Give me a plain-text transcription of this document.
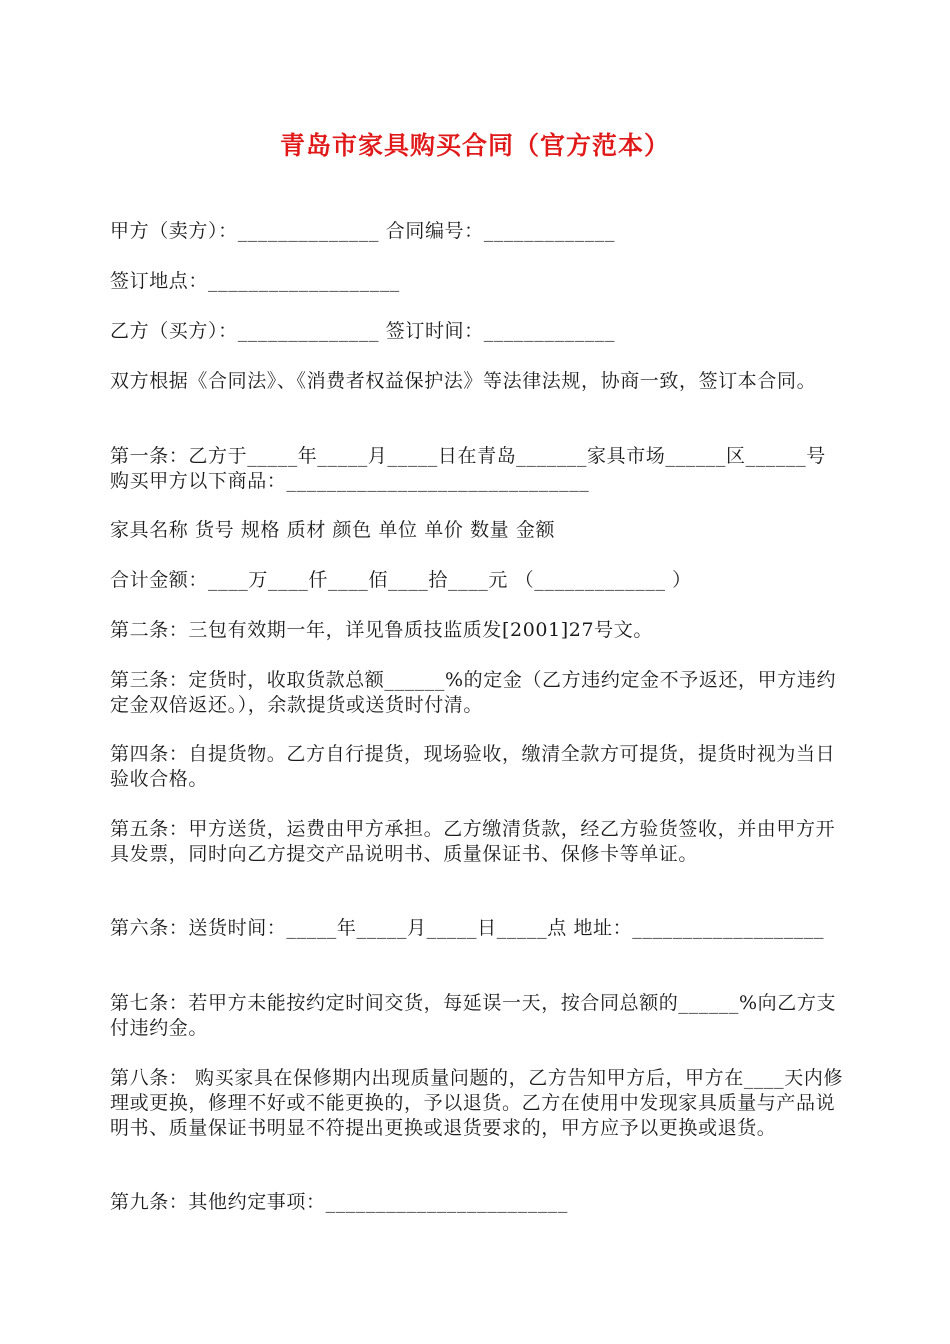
青岛市家具购买合同（官方范本）
甲方（卖方）：______________ 合同编号：_____________
签订地点：___________________
乙方（买方）：______________ 签订时间：_____________
双方根据《合同法》、《消费者权益保护法》等法律法规，协商一致，签订本合同。
第一条：乙方于_____年_____月_____日在青岛_______家具市场______区______号购买甲方以下商品：______________________________
家具名称 货号 规格 质材 颜色 单位 单价 数量 金额
合计金额：____万____仟____佰____拾____元 （_____________ ）
第二条：三包有效期一年，详见鲁质技监质发[2001]27号文。
第三条：定货时，收取货款总额______%的定金（乙方违约定金不予返还，甲方违约定金双倍返还。），余款提货或送货时付清。
第四条：自提货物。乙方自行提货，现场验收，缴清全款方可提货，提货时视为当日验收合格。
第五条：甲方送货，运费由甲方承担。乙方缴清货款，经乙方验货签收，并由甲方开具发票，同时向乙方提交产品说明书、质量保证书、保修卡等单证。
第六条：送货时间：_____年_____月_____日_____点 地址：___________________
第七条：若甲方未能按约定时间交货，每延误一天，按合同总额的______%向乙方支付违约金。
第八条： 购买家具在保修期内出现质量问题的，乙方告知甲方后，甲方在____天内修理或更换，修理不好或不能更换的，予以退货。乙方在使用中发现家具质量与产品说明书、质量保证书明显不符提出更换或退货要求的，甲方应予以更换或退货。
第九条：其他约定事项：________________________
